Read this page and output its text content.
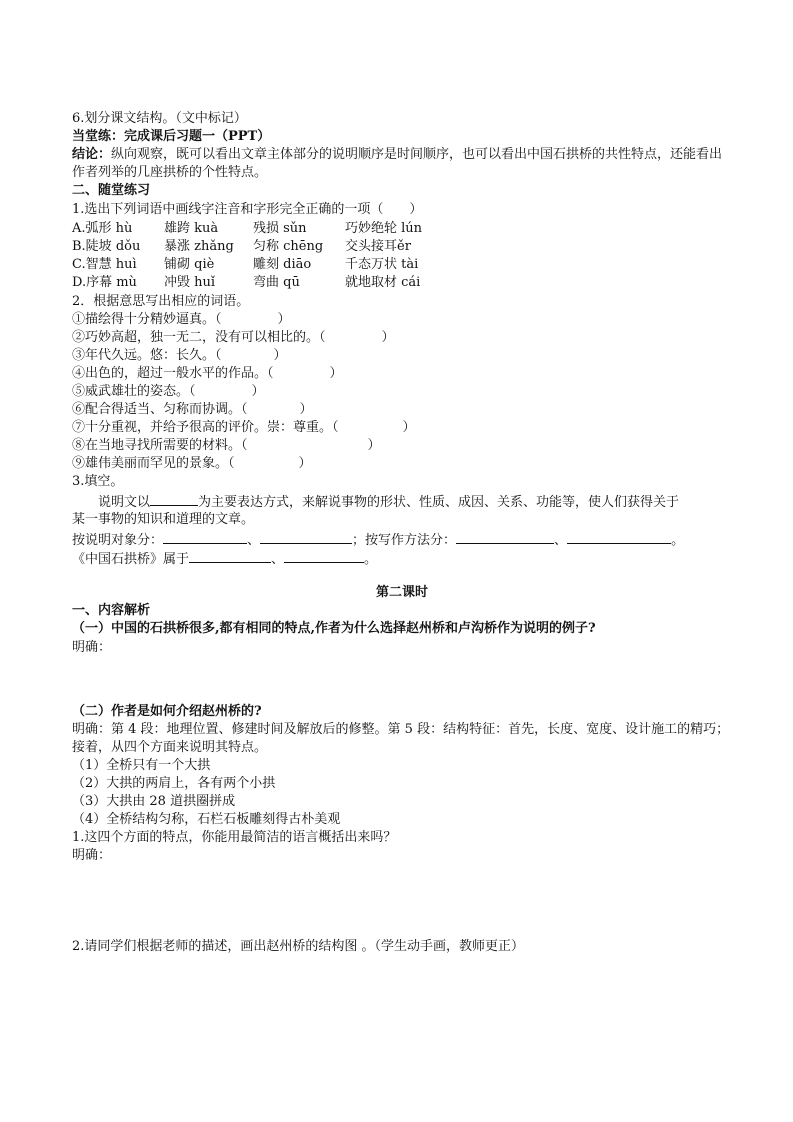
6.划分课文结构。（文中标记）
当堂练：完成课后习题一（PPT）
结论：纵向观察，既可以看出文章主体部分的说明顺序是时间顺序，也可以看出中国石拱桥的共性特点，还能看出作者列举的几座拱桥的个性特点。
二、随堂练习
1.选出下列词语中画线字注音和字形完全正确的一项（　　）
A.弧形 hù 雄跨 kuà	残损 sǔn	巧妙绝轮 lún
B.陡坡 dǒu 暴涨 zhǎng 匀称 chēng 交头接耳ěr
C.智慧 huì 铺砌 qiè	雕刻 diāo	千态万状 tài
D.序幕 mù 冲毁 huǐ	弯曲 qū	就地取材 cái
2．根据意思写出相应的词语。
①描绘得十分精妙逼真。（	）
②巧妙高超，独一无二，没有可以相比的。（	）
③年代久远。悠：长久。（	）
④出色的，超过一般水平的作品。（	）
⑤威武雄壮的姿态。（	）
⑥配合得适当、匀称而协调。（	）
⑦十分重视，并给予很高的评价。崇：尊重。（	）
⑧在当地寻找所需要的材料。（	）
⑨雄伟美丽而罕见的景象。（	）
3.填空。
说明文以	为主要表达方式，来解说事物的形状、性质、成因、关系、功能等，使人们获得关于
某一事物的知识和道理的文章。
按说明对象分：	、	；按写作方法分：	、	。
《中国石拱桥》属于	、	。
第二课时
一、内容解析
（一）中国的石拱桥很多,都有相同的特点,作者为什么选择赵州桥和卢沟桥作为说明的例子?
明确：
（二）作者是如何介绍赵州桥的?
明确：第 4 段：地理位置、修建时间及解放后的修整。第 5 段：结构特征：首先，长度、宽度、设计施工的精巧；接着，从四个方面来说明其特点。
（1）全桥只有一个大拱
（2）大拱的两肩上，各有两个小拱
（3）大拱由 28 道拱圈拼成
（4）全桥结构匀称，石栏石板雕刻得古朴美观
1.这四个方面的特点，你能用最简洁的语言概括出来吗？
明确：
2.请同学们根据老师的描述，画出赵州桥的结构图 。（学生动手画，教师更正）
